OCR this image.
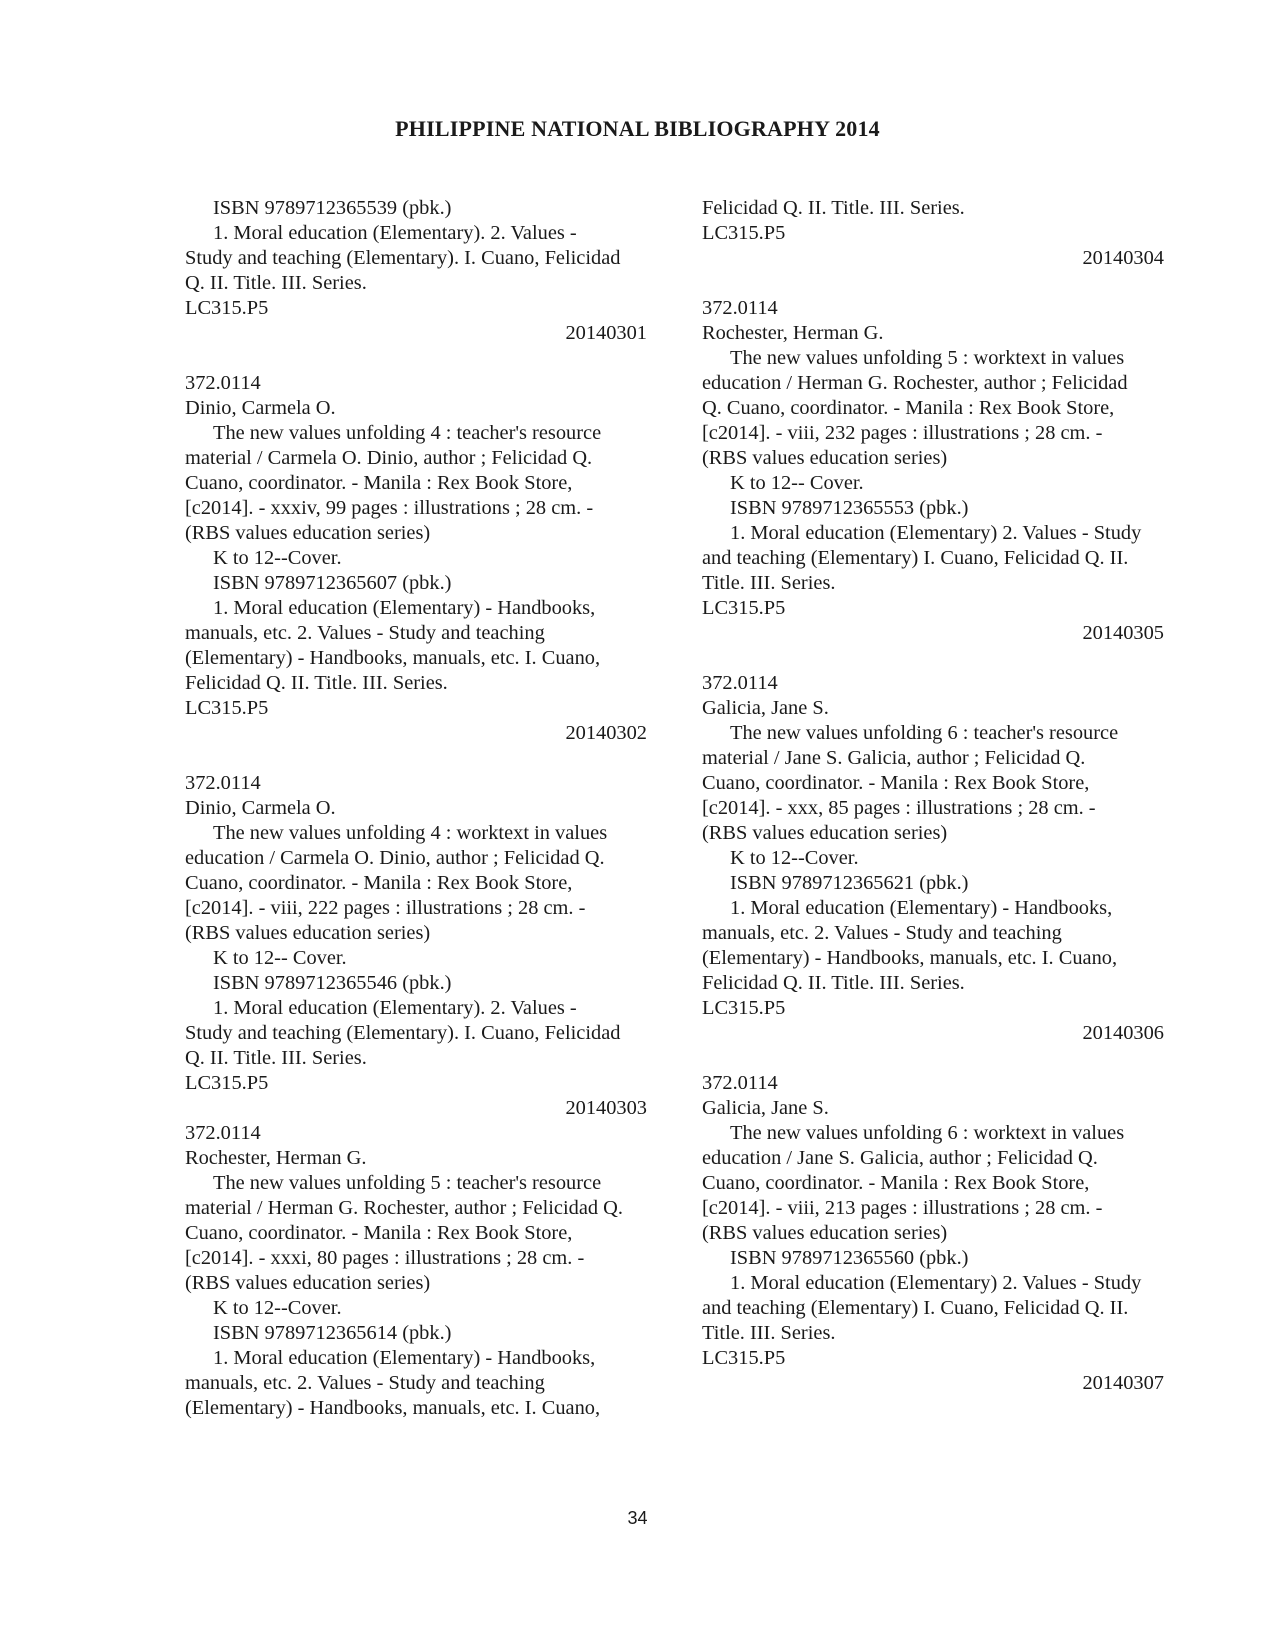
PHILIPPINE NATIONAL BIBLIOGRAPHY 2014
ISBN 9789712365539 (pbk.)
1. Moral education (Elementary). 2. Values -
Study and teaching (Elementary). I. Cuano, Felicidad
Q. II. Title. III. Series.
LC315.P5
20140301
372.0114
Dinio, Carmela O.
The new values unfolding 4 : teacher's resource
material / Carmela O. Dinio, author ; Felicidad Q.
Cuano, coordinator. - Manila : Rex Book Store,
[c2014]. - xxxiv, 99 pages : illustrations ; 28 cm. -
(RBS values education series)
K to 12--Cover.
ISBN 9789712365607 (pbk.)
1. Moral education (Elementary) - Handbooks,
manuals, etc. 2. Values - Study and teaching
(Elementary) - Handbooks, manuals, etc. I. Cuano,
Felicidad Q. II. Title. III. Series.
LC315.P5
20140302
372.0114
Dinio, Carmela O.
The new values unfolding 4 : worktext in values
education / Carmela O. Dinio, author ; Felicidad Q.
Cuano, coordinator. - Manila : Rex Book Store,
[c2014]. - viii, 222 pages : illustrations ; 28 cm. -
(RBS values education series)
K to 12-- Cover.
ISBN 9789712365546 (pbk.)
1. Moral education (Elementary). 2. Values -
Study and teaching (Elementary). I. Cuano, Felicidad
Q. II. Title. III. Series.
LC315.P5
20140303
372.0114
Rochester, Herman G.
The new values unfolding 5 : teacher's resource
material / Herman G. Rochester, author ; Felicidad Q.
Cuano, coordinator. - Manila : Rex Book Store,
[c2014]. - xxxi, 80 pages : illustrations ; 28 cm. -
(RBS values education series)
K to 12--Cover.
ISBN 9789712365614 (pbk.)
1. Moral education (Elementary) - Handbooks,
manuals, etc. 2. Values - Study and teaching
(Elementary) - Handbooks, manuals, etc. I. Cuano,
Felicidad Q. II. Title. III. Series.
LC315.P5
20140304
372.0114
Rochester, Herman G.
The new values unfolding 5 : worktext in values
education / Herman G. Rochester, author ; Felicidad
Q. Cuano, coordinator. - Manila : Rex Book Store,
[c2014]. - viii, 232 pages : illustrations ; 28 cm. -
(RBS values education series)
K to 12-- Cover.
ISBN 9789712365553 (pbk.)
1. Moral education (Elementary) 2. Values - Study
and teaching (Elementary) I. Cuano, Felicidad Q. II.
Title. III. Series.
LC315.P5
20140305
372.0114
Galicia, Jane S.
The new values unfolding 6 : teacher's resource
material / Jane S. Galicia, author ; Felicidad Q.
Cuano, coordinator. - Manila : Rex Book Store,
[c2014]. - xxx, 85 pages : illustrations ; 28 cm. -
(RBS values education series)
K to 12--Cover.
ISBN 9789712365621 (pbk.)
1. Moral education (Elementary) - Handbooks,
manuals, etc. 2. Values - Study and teaching
(Elementary) - Handbooks, manuals, etc. I. Cuano,
Felicidad Q. II. Title. III. Series.
LC315.P5
20140306
372.0114
Galicia, Jane S.
The new values unfolding 6 : worktext in values
education / Jane S. Galicia, author ; Felicidad Q.
Cuano, coordinator. - Manila : Rex Book Store,
[c2014]. - viii, 213 pages : illustrations ; 28 cm. -
(RBS values education series)
ISBN 9789712365560 (pbk.)
1. Moral education (Elementary) 2. Values - Study
and teaching (Elementary) I. Cuano, Felicidad Q. II.
Title. III. Series.
LC315.P5
20140307
34
